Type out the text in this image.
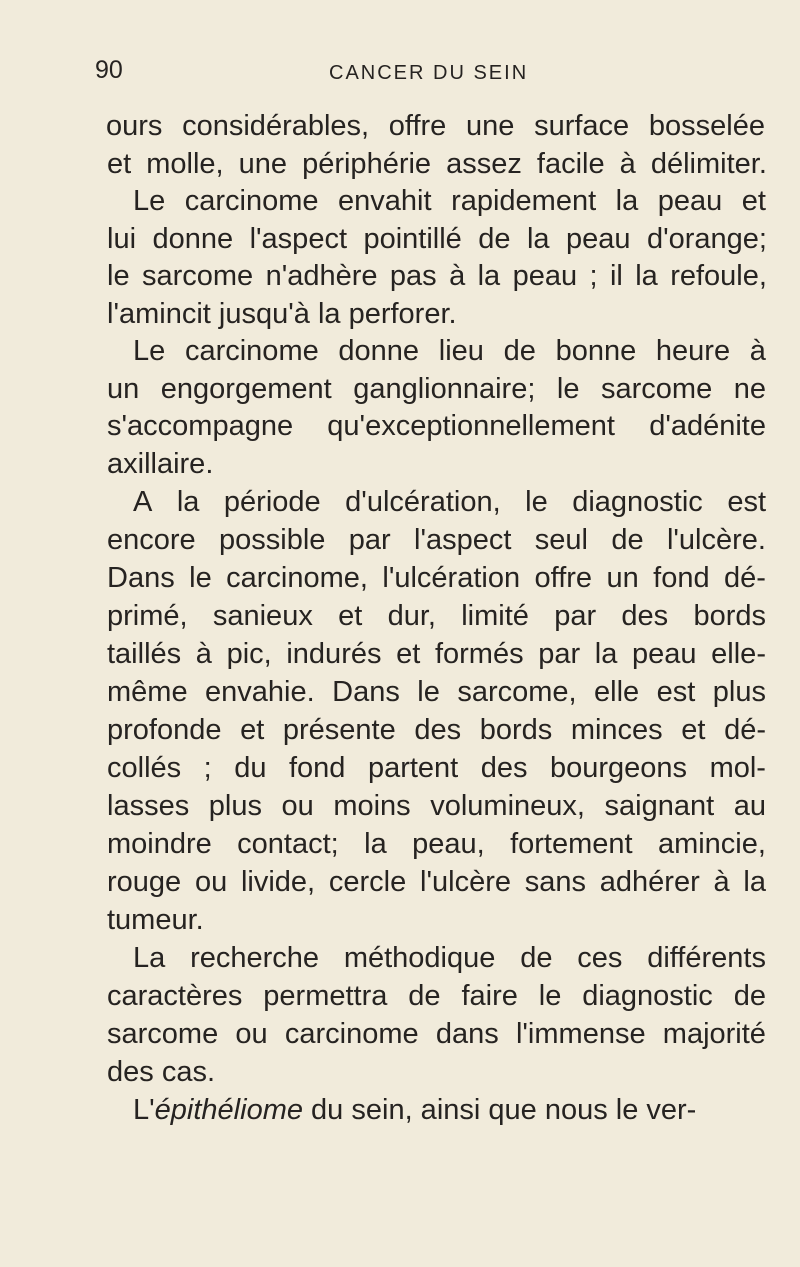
90	CANCER DU SEIN
ours considérables, offre une surface bosselée
et molle, une périphérie assez facile à délimiter.
Le carcinome envahit rapidement la peau et
lui donne l'aspect pointillé de la peau d'orange;
le sarcome n'adhère pas à la peau ; il la refoule,
l'amincit jusqu'à la perforer.
Le carcinome donne lieu de bonne heure à
un engorgement ganglionnaire; le sarcome ne
s'accompagne qu'exceptionnellement d'adénite
axillaire.
A la période d'ulcération, le diagnostic est
encore possible par l'aspect seul de l'ulcère.
Dans le carcinome, l'ulcération offre un fond dé-
primé, sanieux et dur, limité par des bords
taillés à pic, indurés et formés par la peau elle-
même envahie. Dans le sarcome, elle est plus
profonde et présente des bords minces et dé-
collés ; du fond partent des bourgeons mol-
lasses plus ou moins volumineux, saignant au
moindre contact; la peau, fortement amincie,
rouge ou livide, cercle l'ulcère sans adhérer à la
tumeur.
La recherche méthodique de ces différents
caractères permettra de faire le diagnostic de
sarcome ou carcinome dans l'immense majorité
des cas.
L'épithéliome du sein, ainsi que nous le ver-
